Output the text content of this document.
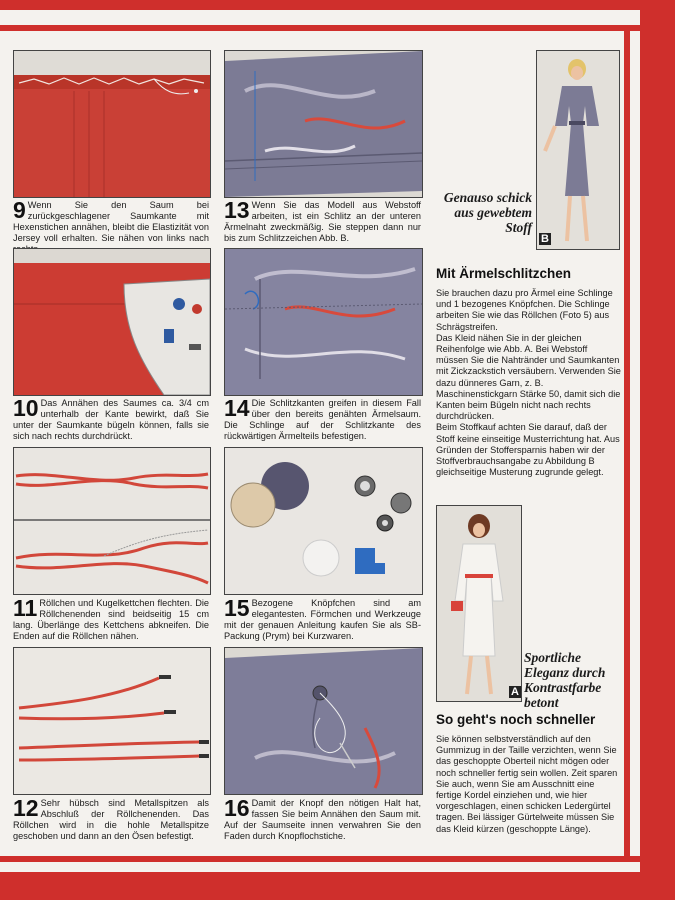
9 Wenn Sie den Saum bei zurückgeschlagener Saumkante mit Hexenstichen annähen, bleibt die Elastizität von Jersey voll erhalten. Sie nähen von links nach
10 Das Annähen des Saumes ca. 3/4 cm unterhalb der Kante bewirkt, daß Sie unter der Saumkante bügeln können, falls sie sich nach rechts durchdrückt.
11 Röllchen und Kugelkettchen flechten. Die Röllchenenden sind beidseitig 15 cm lang. Überlänge des Kettchens abkneifen. Die Enden auf die Röllchen nähen.
12 Sehr hübsch sind Metallspitzen als Abschluß der Röllchenenden. Das Röllchen wird in die hohle Metallspitze geschoben und dann an den Ösen befestigt.
13 Wenn Sie das Modell aus Webstoff arbeiten, ist ein Schlitz an der unteren Ärmelnaht zweckmäßig. Sie steppen dann nur bis zum Schlitzzeichen Abb. B.
14 Die Schlitzkanten greifen in diesem Fall über den bereits genähten Ärmelsaum. Die Schlinge auf der Schlitzkante des rückwärtigen Ärmelteils befestigen.
15 Bezogene Knöpfchen sind am elegantesten. Förmchen und Werkzeuge mit der genauen Anleitung kaufen Sie als SB-Packung (Prym) bei Kurzwaren.
16 Damit der Knopf den nötigen Halt hat, fassen Sie beim Annähen den Saum mit. Auf der Saumseite innen verwahren Sie den Faden durch Knopflochstiche.
B
Genauso schick aus gewebtem Stoff
Mit Ärmelschlitzchen

Sie brauchen dazu pro Ärmel eine Schlinge und 1 bezogenes Knöpfchen. Die Schlinge arbeiten Sie wie das Röllchen (Foto 5) aus Schrägstreifen.

Das Kleid nähen Sie in der gleichen Reihenfolge wie Abb. A. Bei Webstoff müssen Sie die Nahtränder und Saumkanten mit Zickzackstich versäubern. Verwenden Sie dazu dünneres Garn, z. B. Maschinenstickgarn Stärke 50, damit sich die Kanten beim Bügeln nicht nach rechts durchdrücken.

Beim Stoffkauf achten Sie darauf, daß der Stoff keine einseitige Musterrichtung hat. Aus Gründen der Stoffersparnis haben wir der Stoffverbrauchsangabe zu Abbildung B gleichseitige Musterung zugrunde gelegt.

A
Sportliche Eleganz durch Kontrastfarbe betont
So geht's noch schneller

Sie können selbstverständlich auf den Gummizug in der Taille verzichten, wenn Sie das geschoppte Oberteil nicht mögen oder noch schneller fertig sein wollen. Zeit sparen Sie auch, wenn Sie am Ausschnitt eine fertige Kordel einziehen und, wie hier vorgeschlagen, einen schicken Ledergürtel tragen. Bei lässiger Gürtelweite müssen Sie das Kleid kürzen (geschoppte Länge).
